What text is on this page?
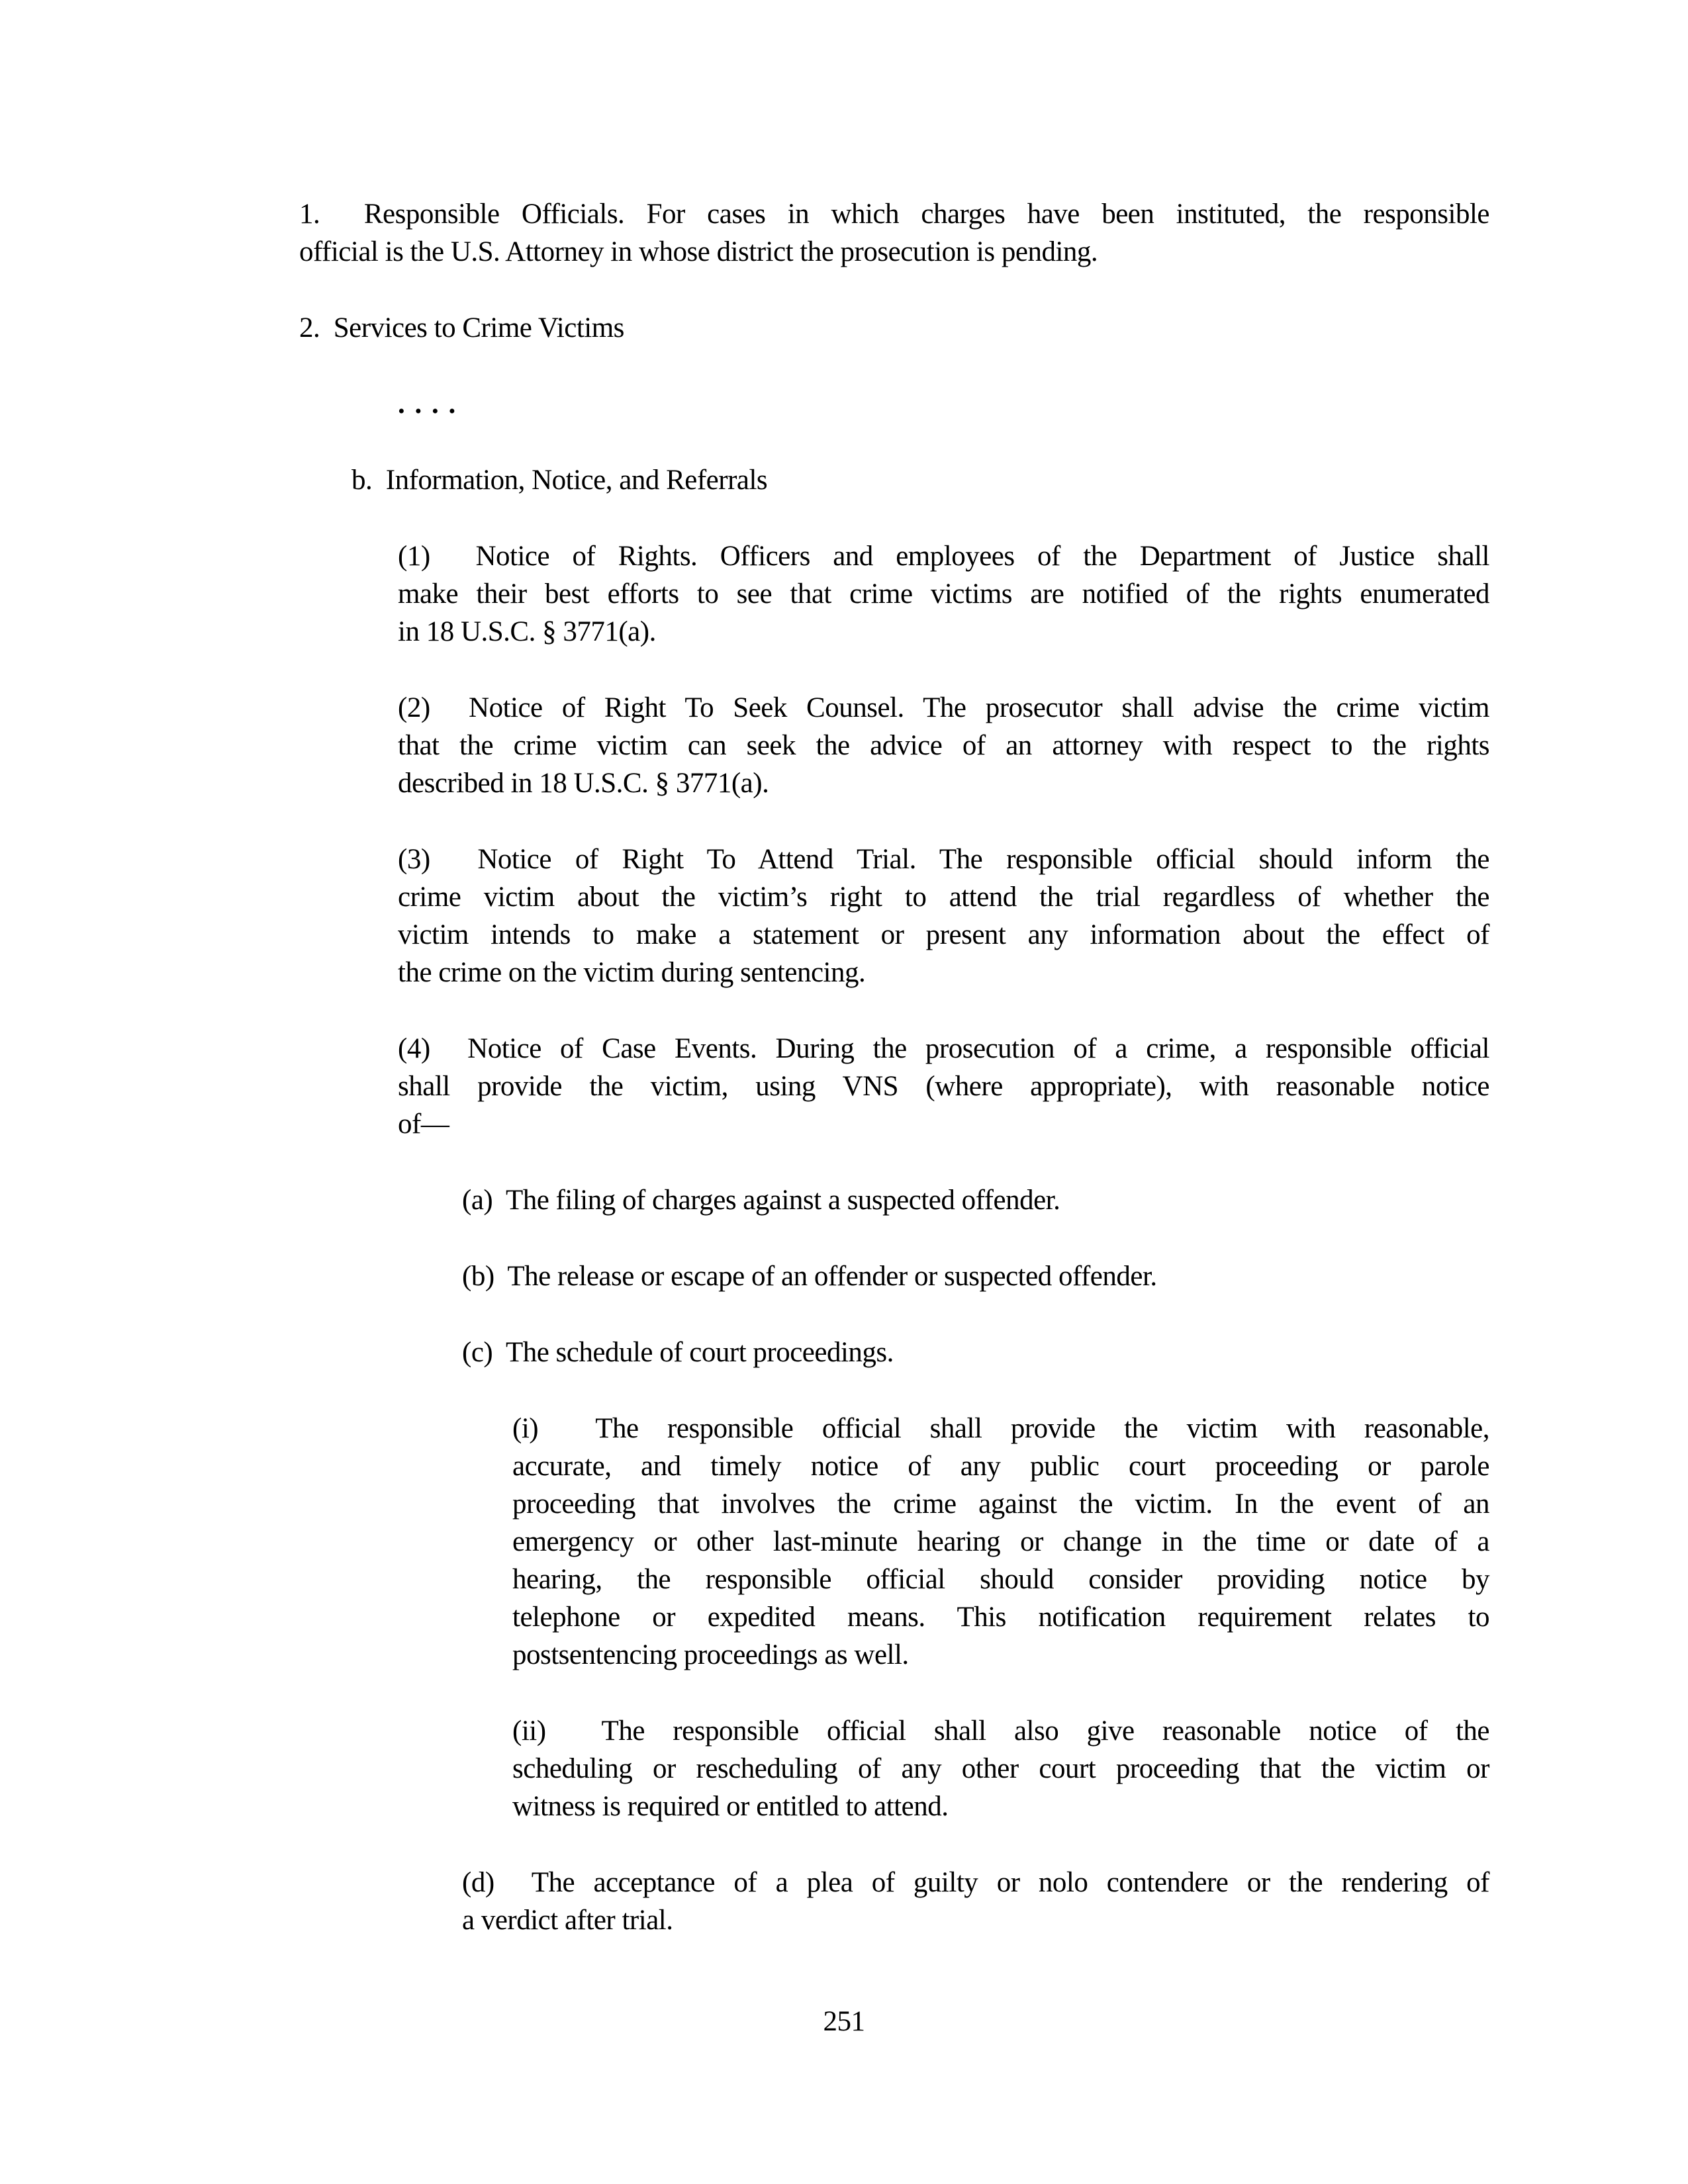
1.  Responsible Officials. For cases in which charges have been instituted, the responsible
official is the U.S. Attorney in whose district the prosecution is pending.
2.  Services to Crime Victims
. . . .
b.  Information, Notice, and Referrals
(1)  Notice of Rights. Officers and employees of the Department of Justice shall
make their best efforts to see that crime victims are notified of the rights enumerated
in 18 U.S.C. § 3771(a).
(2)  Notice of Right To Seek Counsel. The prosecutor shall advise the crime victim
that the crime victim can seek the advice of an attorney with respect to the rights
described in 18 U.S.C. § 3771(a).
(3)  Notice of Right To Attend Trial. The responsible official should inform the
crime victim about the victim’s right to attend the trial regardless of whether the
victim intends to make a statement or present any information about the effect of
the crime on the victim during sentencing.
(4)  Notice of Case Events. During the prosecution of a crime, a responsible official
shall provide the victim, using VNS (where appropriate), with reasonable notice
of—
(a)  The filing of charges against a suspected offender.
(b)  The release or escape of an offender or suspected offender.
(c)  The schedule of court proceedings.
(i)  The responsible official shall provide the victim with reasonable,
accurate, and timely notice of any public court proceeding or parole
proceeding that involves the crime against the victim. In the event of an
emergency or other last-minute hearing or change in the time or date of a
hearing, the responsible official should consider providing notice by
telephone or expedited means. This notification requirement relates to
postsentencing proceedings as well.
(ii)  The responsible official shall also give reasonable notice of the
scheduling or rescheduling of any other court proceeding that the victim or
witness is required or entitled to attend.
(d)  The acceptance of a plea of guilty or nolo contendere or the rendering of
a verdict after trial.
251
